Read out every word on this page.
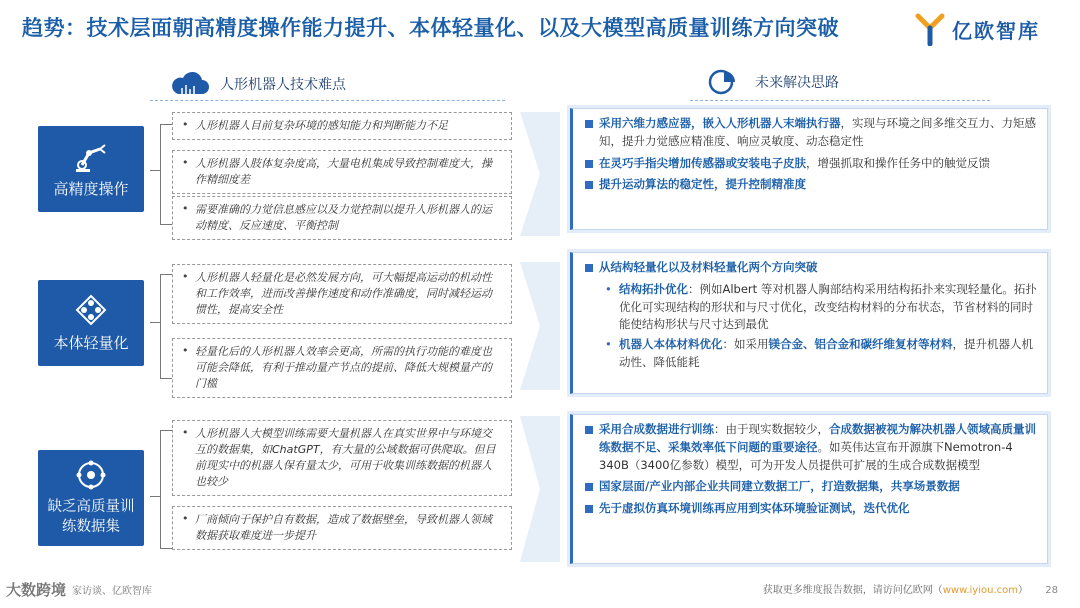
趋势：技术层面朝高精度操作能力提升、本体轻量化、以及大模型高质量训练方向突破	亿欧智库
人形机器人技术难点	未来解决思路
高精度操作
• 人形机器人目前复杂环境的感知能力和判断能力不足
• 人形机器人肢体复杂度高，大量电机集成导致控制难度大，操作精细度差
• 需要准确的力觉信息感应以及力觉控制以提升人形机器人的运动精度、反应速度、平衡控制
本体轻量化
• 人形机器人轻量化是必然发展方向，可大幅提高运动的机动性和工作效率，进而改善操作速度和动作准确度，同时减轻运动惯性，提高安全性
• 轻量化后的人形机器人效率会更高，所需的执行功能的难度也可能会降低，有利于推动量产节点的提前、降低大规模量产的门槛
缺乏高质量训练数据集
• 人形机器人大模型训练需要大量机器人在真实世界中与环境交互的数据集，如ChatGPT，有大量的公域数据可供爬取。但目前现实中的机器人保有量太少，可用于收集训练数据的机器人也较少
• 厂商倾向于保护自有数据，造成了数据壁垒，导致机器人领域数据获取难度进一步提升
采用六维力感应器，嵌入人形机器人末端执行器，实现与环境之间多维交互力、力矩感知，提升力觉感应精准度、响应灵敏度、动态稳定性
在灵巧手指尖增加传感器或安装电子皮肤，增强抓取和操作任务中的触觉反馈
提升运动算法的稳定性，提升控制精准度
从结构轻量化以及材料轻量化两个方向突破
• 结构拓扑优化：例如Albert 等对机器人胸部结构采用结构拓扑来实现轻量化。拓扑优化可实现结构的形状和与尺寸优化，改变结构材料的分布状态，节省材料的同时能使结构形状与尺寸达到最优
• 机器人本体材料优化：如采用镁合金、铝合金和碳纤维复材等材料，提升机器人机动性、降低能耗
采用合成数据进行训练：由于现实数据较少，合成数据被视为解决机器人领域高质量训练数据不足、采集效率低下问题的重要途径。如英伟达宣布开源旗下Nemotron-4 340B（3400亿参数）模型，可为开发人员提供可扩展的生成合成数据模型
国家层面/产业内部企业共同建立数据工厂，打造数据集，共享场景数据
先于虚拟仿真环境训练再应用到实体环境验证测试，迭代优化
大数跨境 家访谈、亿欧智库	获取更多维度报告数据，请访问亿欧网（www.iyiou.com） 28
